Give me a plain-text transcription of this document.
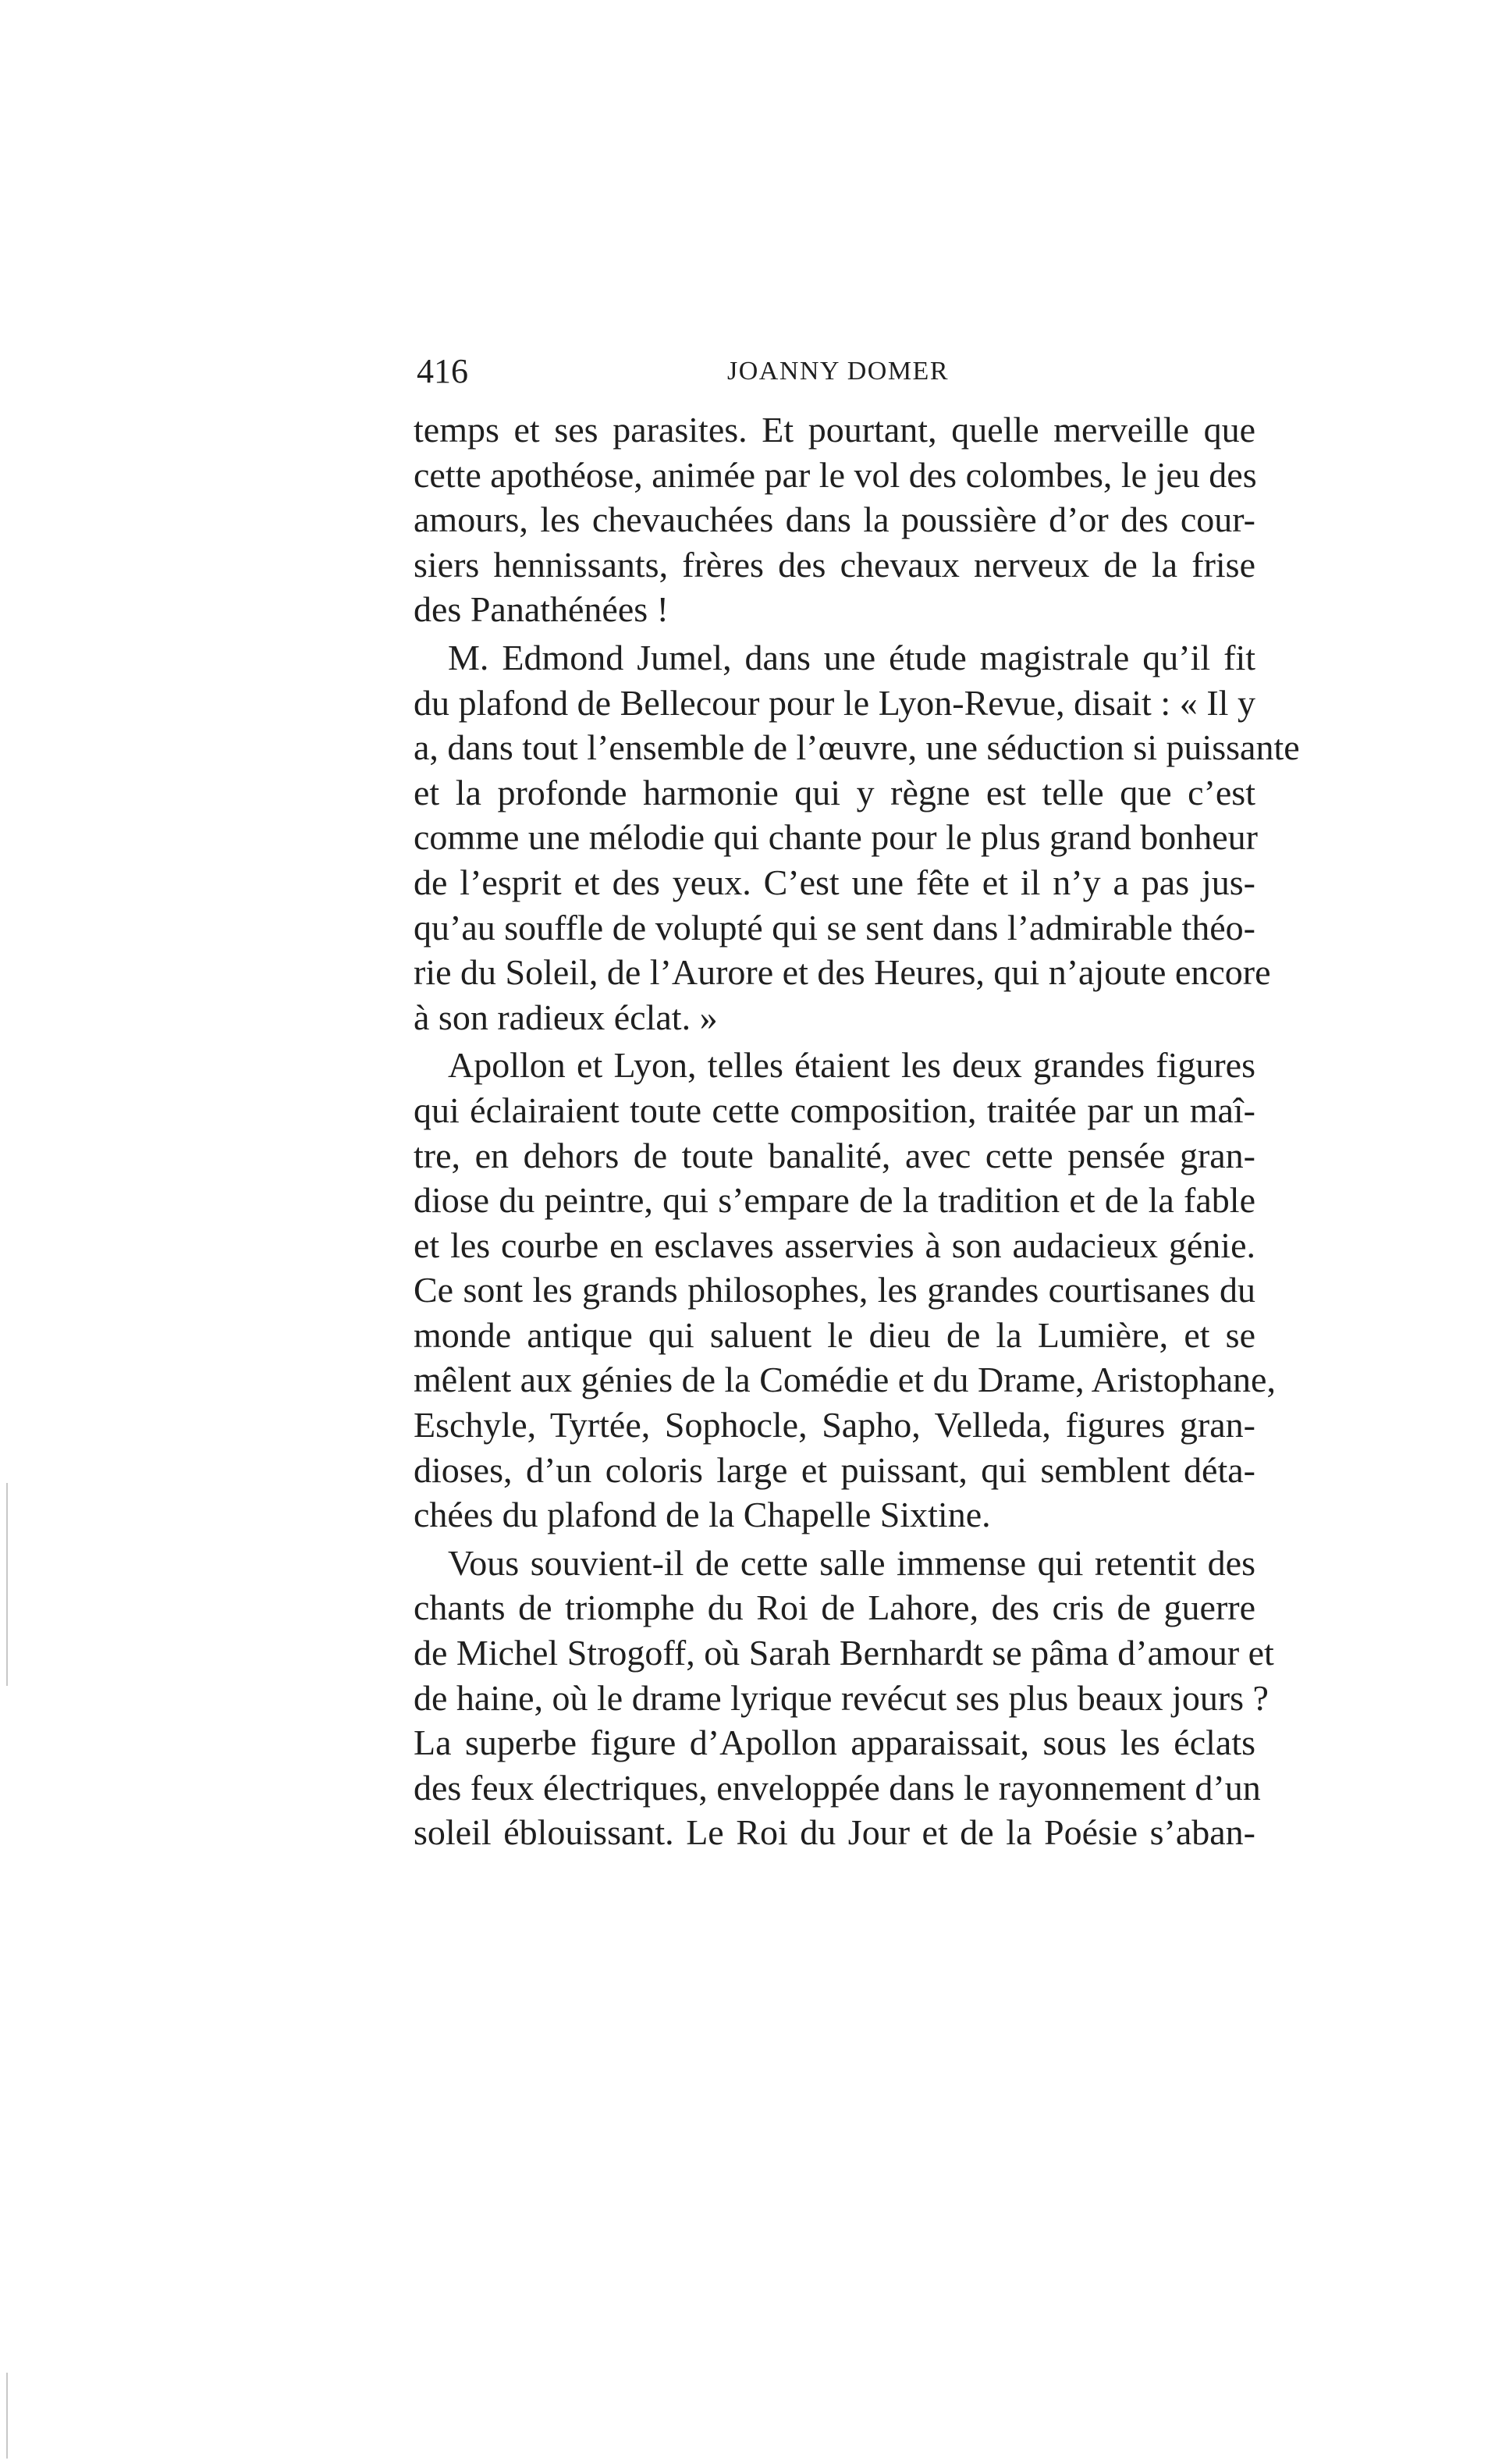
416	JOANNY DOMER
temps et ses parasites. Et pourtant, quelle merveille que
cette apothéose, animée par le vol des colombes, le jeu des
amours, les chevauchées dans la poussière d’or des cour-
siers hennissants, frères des chevaux nerveux de la frise
des Panathénées !
M. Edmond Jumel, dans une étude magistrale qu’il fit
du plafond de Bellecour pour le Lyon-Revue, disait : « Il y
a, dans tout l’ensemble de l’œuvre, une séduction si puissante
et la profonde harmonie qui y règne est telle que c’est
comme une mélodie qui chante pour le plus grand bonheur
de l’esprit et des yeux. C’est une fête et il n’y a pas jus-
qu’au souffle de volupté qui se sent dans l’admirable théo-
rie du Soleil, de l’Aurore et des Heures, qui n’ajoute encore
à son radieux éclat. »
Apollon et Lyon, telles étaient les deux grandes figures
qui éclairaient toute cette composition, traitée par un maî-
tre, en dehors de toute banalité, avec cette pensée gran-
diose du peintre, qui s’empare de la tradition et de la fable
et les courbe en esclaves asservies à son audacieux génie.
Ce sont les grands philosophes, les grandes courtisanes du
monde antique qui saluent le dieu de la Lumière, et se
mêlent aux génies de la Comédie et du Drame, Aristophane,
Eschyle, Tyrtée, Sophocle, Sapho, Velleda, figures gran-
dioses, d’un coloris large et puissant, qui semblent déta-
chées du plafond de la Chapelle Sixtine.
Vous souvient-il de cette salle immense qui retentit des
chants de triomphe du Roi de Lahore, des cris de guerre
de Michel Strogoff, où Sarah Bernhardt se pâma d’amour et
de haine, où le drame lyrique revécut ses plus beaux jours ?
La superbe figure d’Apollon apparaissait, sous les éclats
des feux électriques, enveloppée dans le rayonnement d’un
soleil éblouissant. Le Roi du Jour et de la Poésie s’aban-
